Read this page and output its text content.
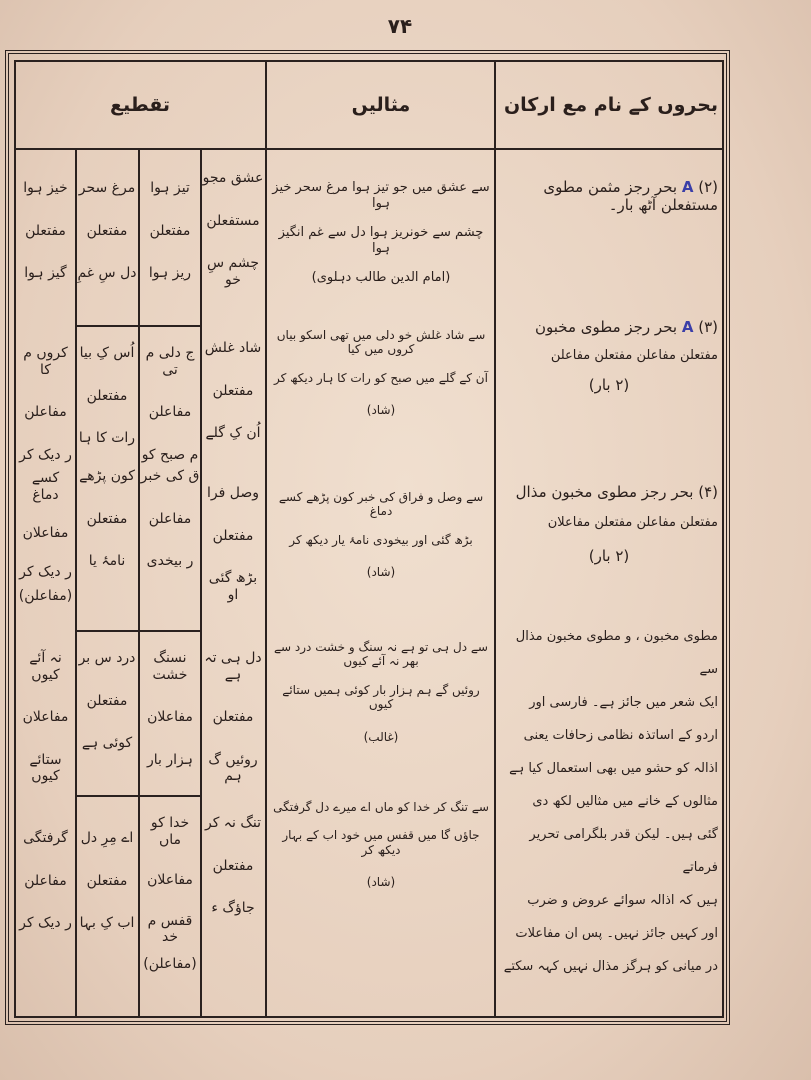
۷۴
بحروں کے نام مع ارکان
مثالیں
تقطیع
A (۲) بحر رجز مثمن مطوی
مستفعلن آٹھ بار۔
سے عشق میں جو تیز ہوا مرغ سحر خیز ہوا
چشم سے خونریز ہوا دل سے غم انگیز ہوا
(امام الدین طالب دہلوی)
A (۳) بحر رجز مطوی مخبون
مفتعلن مفاعلن مفتعلن مفاعلن
(۲ بار)
سے شاد غلش خو دلی میں تھی اسکو بیاں کروں میں کیا
آن کے گلے میں صبح کو رات کا ہار دیکھ کر
(شاد)
(۴) بحر رجز مطوی مخبون مذال
مفتعلن مفاعلن مفتعلن مفاعلان
(۲ بار)
سے وصل و فراق کی خبر کون پڑھے کسے دماغ
بڑھ گئی اور بیخودی نامۂ یار دیکھ کر
(شاد)
مطوی مخبون ، و مطوی مخبون مذال سے
ایک شعر میں جائز ہے۔ فارسی اور
اردو کے اساتذہ نظامی زحافات یعنی
اذالہ کو حشو میں بھی استعمال کیا ہے
مثالوں کے خانے میں مثالیں لکھ دی
گئی ہیں۔ لیکن قدر بلگرامی تحریر فرماتے
ہیں کہ اذالہ سوائے عروض و ضرب
اور کہیں جائز نہیں۔ پس ان مفاعلات
در میانی کو ہرگز مذال نہیں کہہ سکتے
سے دل ہی تو ہے نہ سنگ و خشت درد سے بھر نہ آئے کیوں
روئیں گے ہم ہزار بار کوئی ہمیں ستائے کیوں
(غالب)
سے تنگ کر خدا کو ماں اے میرے دل گرفتگی
جاؤں گا میں قفس میں خود اب کے بہار دیکھ کر
(شاد)
عشق مجو
مستفعلن
چشم سِ خو
تیز ہوا
مفتعلن
ریز ہوا
مرغ سحر
مفتعلن
دل سِ غمِ
خیز ہوا
مفتعلن
گیز ہوا
شاد غلش
مفتعلن
اُن کِ گلے
ج دلی م تی
مفاعلن
م صبح کو
اُس کِ بیا
مفتعلن
رات کا ہا
کروں م کا
مفاعلن
ر دیک کر
وصل فرا
مفتعلن
بڑھ گئی او
ق کی خبر
مفاعلن
ر بیخدی
کون پڑھے
مفتعلن
نامۂ یا
کسے دماغ
مفاعلان
ر دیک کر
(مفاعلن)
دل ہی تہ ہے
مفتعلن
روئیں گ ہم
نسنگ خشت
مفاعلان
ہزار بار
درد س بر
مفتعلن
کوئی ہے
نہ آئے کیوں
مفاعلان
ستائے کیوں
تنگ نہ کر
مفتعلن
جاؤگ ء
خدا کو ماں
مفاعلان
قفس م خد
(مفاعلن)
اے مِرِ دل
مفتعلن
اب کِ بہا
گرفتگی
مفاعلن
ر دیک کر
